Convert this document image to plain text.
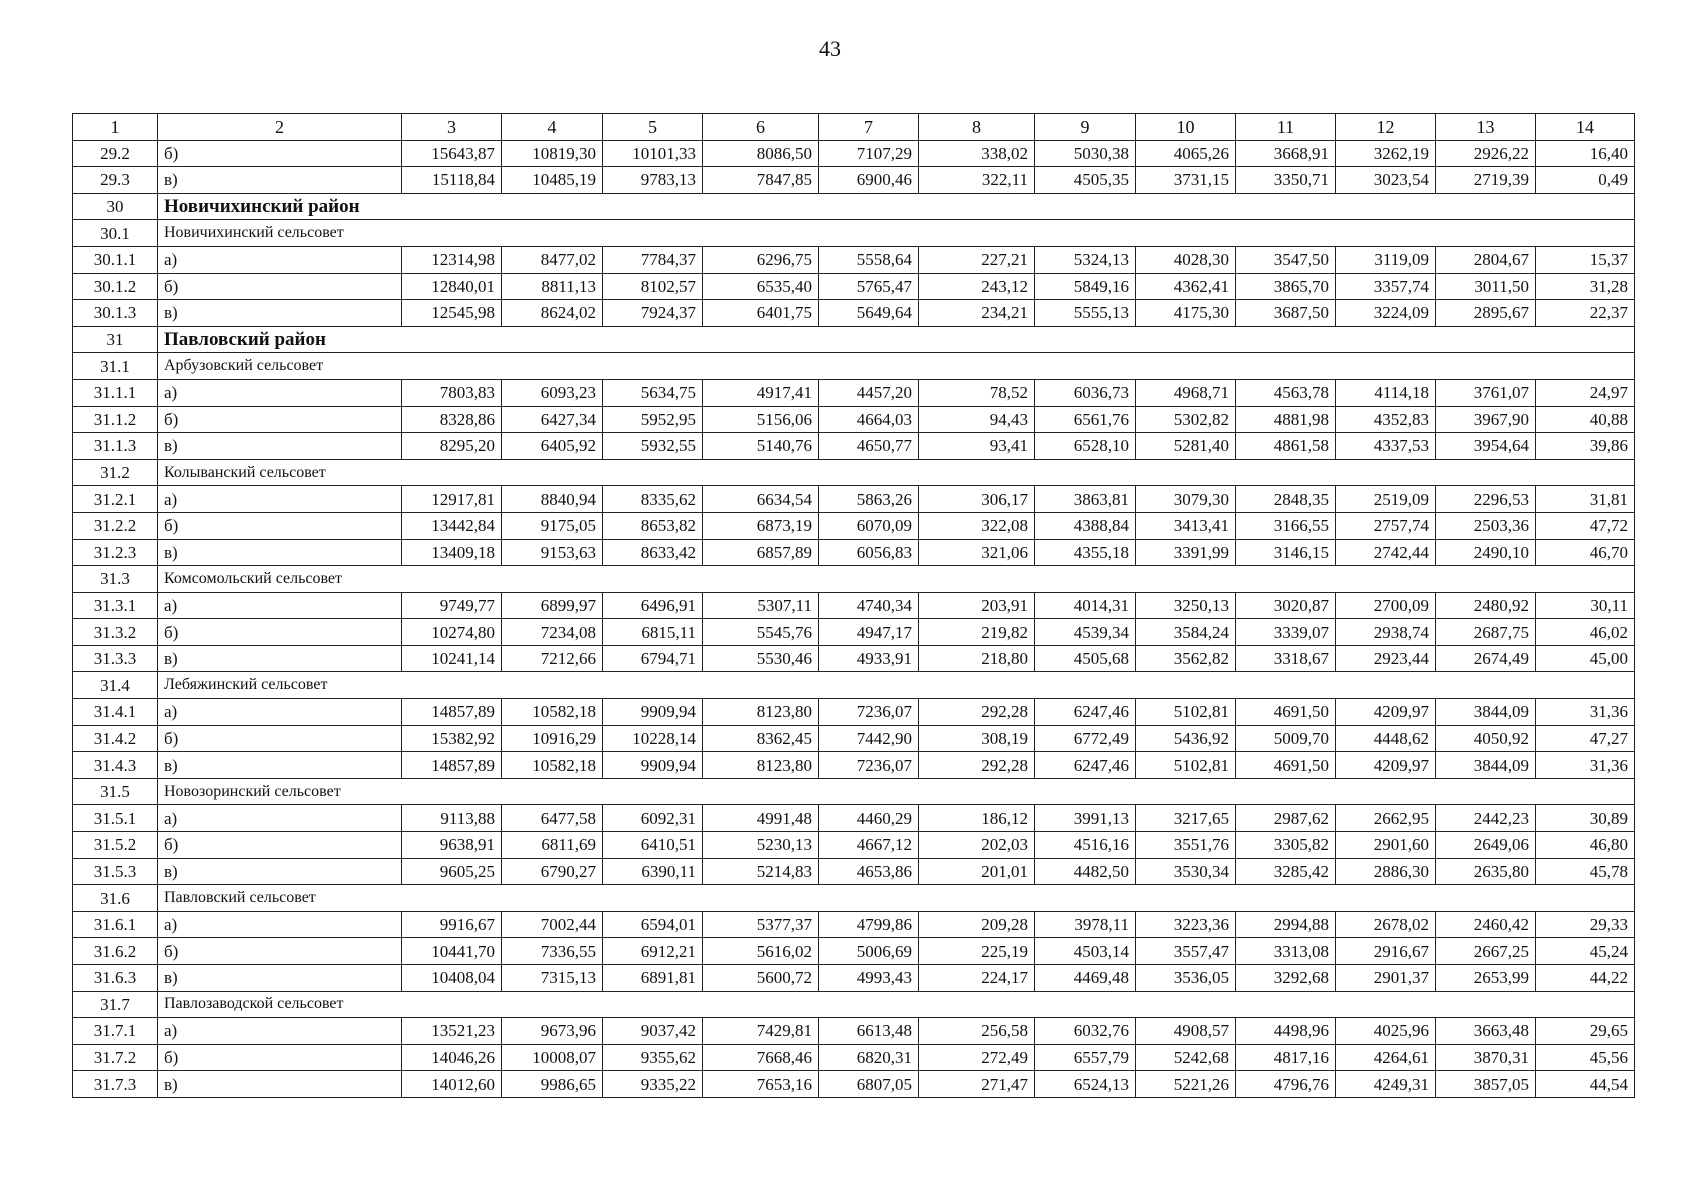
43
1	2	3	4	5	6	7	8	9	10	11	12	13	14
29.2	б)	15643,87	10819,30	10101,33	8086,50	7107,29	338,02	5030,38	4065,26	3668,91	3262,19	2926,22	16,40
29.3	в)	15118,84	10485,19	9783,13	7847,85	6900,46	322,11	4505,35	3731,15	3350,71	3023,54	2719,39	0,49
30	Новичихинский район												
30.1	Новичихинский сельсовет												
30.1.1	а)	12314,98	8477,02	7784,37	6296,75	5558,64	227,21	5324,13	4028,30	3547,50	3119,09	2804,67	15,37
30.1.2	б)	12840,01	8811,13	8102,57	6535,40	5765,47	243,12	5849,16	4362,41	3865,70	3357,74	3011,50	31,28
30.1.3	в)	12545,98	8624,02	7924,37	6401,75	5649,64	234,21	5555,13	4175,30	3687,50	3224,09	2895,67	22,37
31	Павловский район												
31.1	Арбузовский сельсовет												
31.1.1	а)	7803,83	6093,23	5634,75	4917,41	4457,20	78,52	6036,73	4968,71	4563,78	4114,18	3761,07	24,97
31.1.2	б)	8328,86	6427,34	5952,95	5156,06	4664,03	94,43	6561,76	5302,82	4881,98	4352,83	3967,90	40,88
31.1.3	в)	8295,20	6405,92	5932,55	5140,76	4650,77	93,41	6528,10	5281,40	4861,58	4337,53	3954,64	39,86
31.2	Колыванский сельсовет												
31.2.1	а)	12917,81	8840,94	8335,62	6634,54	5863,26	306,17	3863,81	3079,30	2848,35	2519,09	2296,53	31,81
31.2.2	б)	13442,84	9175,05	8653,82	6873,19	6070,09	322,08	4388,84	3413,41	3166,55	2757,74	2503,36	47,72
31.2.3	в)	13409,18	9153,63	8633,42	6857,89	6056,83	321,06	4355,18	3391,99	3146,15	2742,44	2490,10	46,70
31.3	Комсомольский сельсовет												
31.3.1	а)	9749,77	6899,97	6496,91	5307,11	4740,34	203,91	4014,31	3250,13	3020,87	2700,09	2480,92	30,11
31.3.2	б)	10274,80	7234,08	6815,11	5545,76	4947,17	219,82	4539,34	3584,24	3339,07	2938,74	2687,75	46,02
31.3.3	в)	10241,14	7212,66	6794,71	5530,46	4933,91	218,80	4505,68	3562,82	3318,67	2923,44	2674,49	45,00
31.4	Лебяжинский сельсовет												
31.4.1	а)	14857,89	10582,18	9909,94	8123,80	7236,07	292,28	6247,46	5102,81	4691,50	4209,97	3844,09	31,36
31.4.2	б)	15382,92	10916,29	10228,14	8362,45	7442,90	308,19	6772,49	5436,92	5009,70	4448,62	4050,92	47,27
31.4.3	в)	14857,89	10582,18	9909,94	8123,80	7236,07	292,28	6247,46	5102,81	4691,50	4209,97	3844,09	31,36
31.5	Новозоринский сельсовет												
31.5.1	а)	9113,88	6477,58	6092,31	4991,48	4460,29	186,12	3991,13	3217,65	2987,62	2662,95	2442,23	30,89
31.5.2	б)	9638,91	6811,69	6410,51	5230,13	4667,12	202,03	4516,16	3551,76	3305,82	2901,60	2649,06	46,80
31.5.3	в)	9605,25	6790,27	6390,11	5214,83	4653,86	201,01	4482,50	3530,34	3285,42	2886,30	2635,80	45,78
31.6	Павловский сельсовет												
31.6.1	а)	9916,67	7002,44	6594,01	5377,37	4799,86	209,28	3978,11	3223,36	2994,88	2678,02	2460,42	29,33
31.6.2	б)	10441,70	7336,55	6912,21	5616,02	5006,69	225,19	4503,14	3557,47	3313,08	2916,67	2667,25	45,24
31.6.3	в)	10408,04	7315,13	6891,81	5600,72	4993,43	224,17	4469,48	3536,05	3292,68	2901,37	2653,99	44,22
31.7	Павлозаводской сельсовет												
31.7.1	а)	13521,23	9673,96	9037,42	7429,81	6613,48	256,58	6032,76	4908,57	4498,96	4025,96	3663,48	29,65
31.7.2	б)	14046,26	10008,07	9355,62	7668,46	6820,31	272,49	6557,79	5242,68	4817,16	4264,61	3870,31	45,56
31.7.3	в)	14012,60	9986,65	9335,22	7653,16	6807,05	271,47	6524,13	5221,26	4796,76	4249,31	3857,05	44,54
